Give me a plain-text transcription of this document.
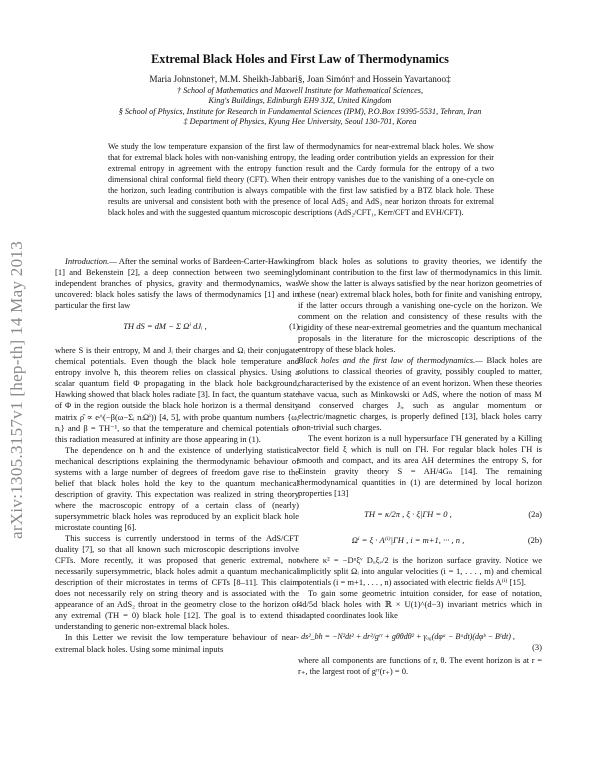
arXiv:1305.3157v1 [hep-th] 14 May 2013
Extremal Black Holes and First Law of Thermodynamics
Maria Johnstone†, M.M. Sheikh-Jabbari§, Joan Simón† and Hossein Yavartanoo‡
† School of Mathematics and Maxwell Institute for Mathematical Sciences,
King's Buildings, Edinburgh EH9 3JZ, United Kingdom
§ School of Physics, Institute for Research in Fundamental Sciences (IPM), P.O.Box 19395-5531, Tehran, Iran
‡ Department of Physics, Kyung Hee University, Seoul 130-701, Korea
We study the low temperature expansion of the first law of thermodynamics for near-extremal black holes. We show that for extremal black holes with non-vanishing entropy, the leading order contribution yields an expression for their extremal entropy in agreement with the entropy function result and the Cardy formula for the entropy of a two dimensional chiral conformal field theory (CFT). When their entropy vanishes due to the vanishing of a one-cycle on the horizon, such leading contribution is always compatible with the first law satisfied by a BTZ black hole. These results are universal and consistent both with the presence of local AdS₂ and AdS₃ near horizon throats for extremal black holes and with the suggested quantum microscopic descriptions (AdS₂/CFT₁, Kerr/CFT and EVH/CFT).

Introduction.— After the seminal works of Bardeen-Carter-Hawking [1] and Bekenstein [2], a deep connection between two seemingly independent branches of physics, gravity and thermodynamics, was uncovered: black holes satisfy the laws of thermodynamics [1] and in particular the first law

TH dS = dM − Σ Ωⁱ dJᵢ ,	(1)

where S is their entropy, M and Jᵢ their charges and Ωᵢ their conjugate chemical potentials. Even though the black hole temperature and entropy involve ħ, this theorem relies on classical physics. Using a scalar quantum field Φ propagating in the black hole background, Hawking showed that black holes radiate [3]. In fact, the quantum state of Φ in the region outside the black hole horizon is a thermal density matrix ρ̂ ∝ e^(−β(ω−Σᵢ nᵢΩⁱ)) [4, 5], with probe quantum numbers {ω, nᵢ} and β = TH⁻¹, so that the temperature and chemical potentials of this radiation measured at infinity are those appearing in (1).

The dependence on ħ and the existence of underlying statistical mechanical descriptions explaining the thermodynamic behaviour of systems with a large number of degrees of freedom gave rise to the belief that black holes hold the key to the quantum mechanical description of gravity. This expectation was realized in string theory where the macroscopic entropy of a certain class of (nearly) supersymmetric black holes was reproduced by an explicit black hole microstate counting [6].

This success is currently understood in terms of the AdS/CFT duality [7], so that all known such microscopic descriptions involve CFTs. More recently, it was proposed that generic extremal, not necessarily supersymmetric, black holes admit a quantum mechanical description of their microstates in terms of CFTs [8–11]. This claim does not necessarily rely on string theory and is associated with the appearance of an AdS₂ throat in the geometry close to the horizon of any extremal (TH = 0) black hole [12]. The goal is to extend this understanding to generic non-extremal black holes.

In this Letter we revisit the low temperature behaviour of near-extremal black holes. Using some minimal inputs

from black holes as solutions to gravity theories, we identify the dominant contribution to the first law of thermodynamics in this limit. We show the latter is always satisfied by the near horizon geometries of these (near) extremal black holes, both for finite and vanishing entropy, if the latter occurs through a vanishing one-cycle on the horizon. We comment on the relation and consistency of these results with the rigidity of these near-extremal geometries and the quantum mechanical proposals in the literature for the microscopic descriptions of the entropy of these black holes.

Black holes and the first law of thermodynamics.— Black holes are solutions to classical theories of gravity, possibly coupled to matter, characterised by the existence of an event horizon. When these theories have vacua, such as Minkowski or AdS, where the notion of mass M and conserved charges Jᵢ, such as angular momentum or electric/magnetic charges, is properly defined [13], black holes carry non-trivial such charges.

The event horizon is a null hypersurface ΓH generated by a Killing vector field ξ which is null on ΓH. For regular black holes ΓH is smooth and compact, and its area AH determines the entropy S, for Einstein gravity theory S = AH/4Gₙ [14]. The remaining thermodynamical quantities in (1) are determined by local horizon properties [13]

TH = κ/2π , ξ · ξ|ΓH = 0 ,	(2a)
Ωⁱ = ξ · A⁽ⁱ⁾|ΓH , i = m+1, ··· , n ,	(2b)

where κ² = −Dᵘξᵛ Dᵤξᵥ/2 is the horizon surface gravity. Notice we implicitly split Ωᵢ into angular velocities (i = 1, . . . , m) and chemical potentials (i = m+1, . . . , n) associated with electric fields A⁽ⁱ⁾ [15].

To gain some geometric intuition consider, for ease of notation, 4d/5d black holes with ℝ × U(1)^(d−3) invariant metrics which in adapted coordinates look like

ds²_bh = −N²dt² + dr²/gʳʳ + gθθdθ² + γₐ₆(dφᵃ − Bᵃdt)(dφᵇ − Bᵇdt) ,
(3)

where all components are functions of r, θ. The event horizon is at r = r₊, the largest root of gʳʳ(r₊) = 0.
